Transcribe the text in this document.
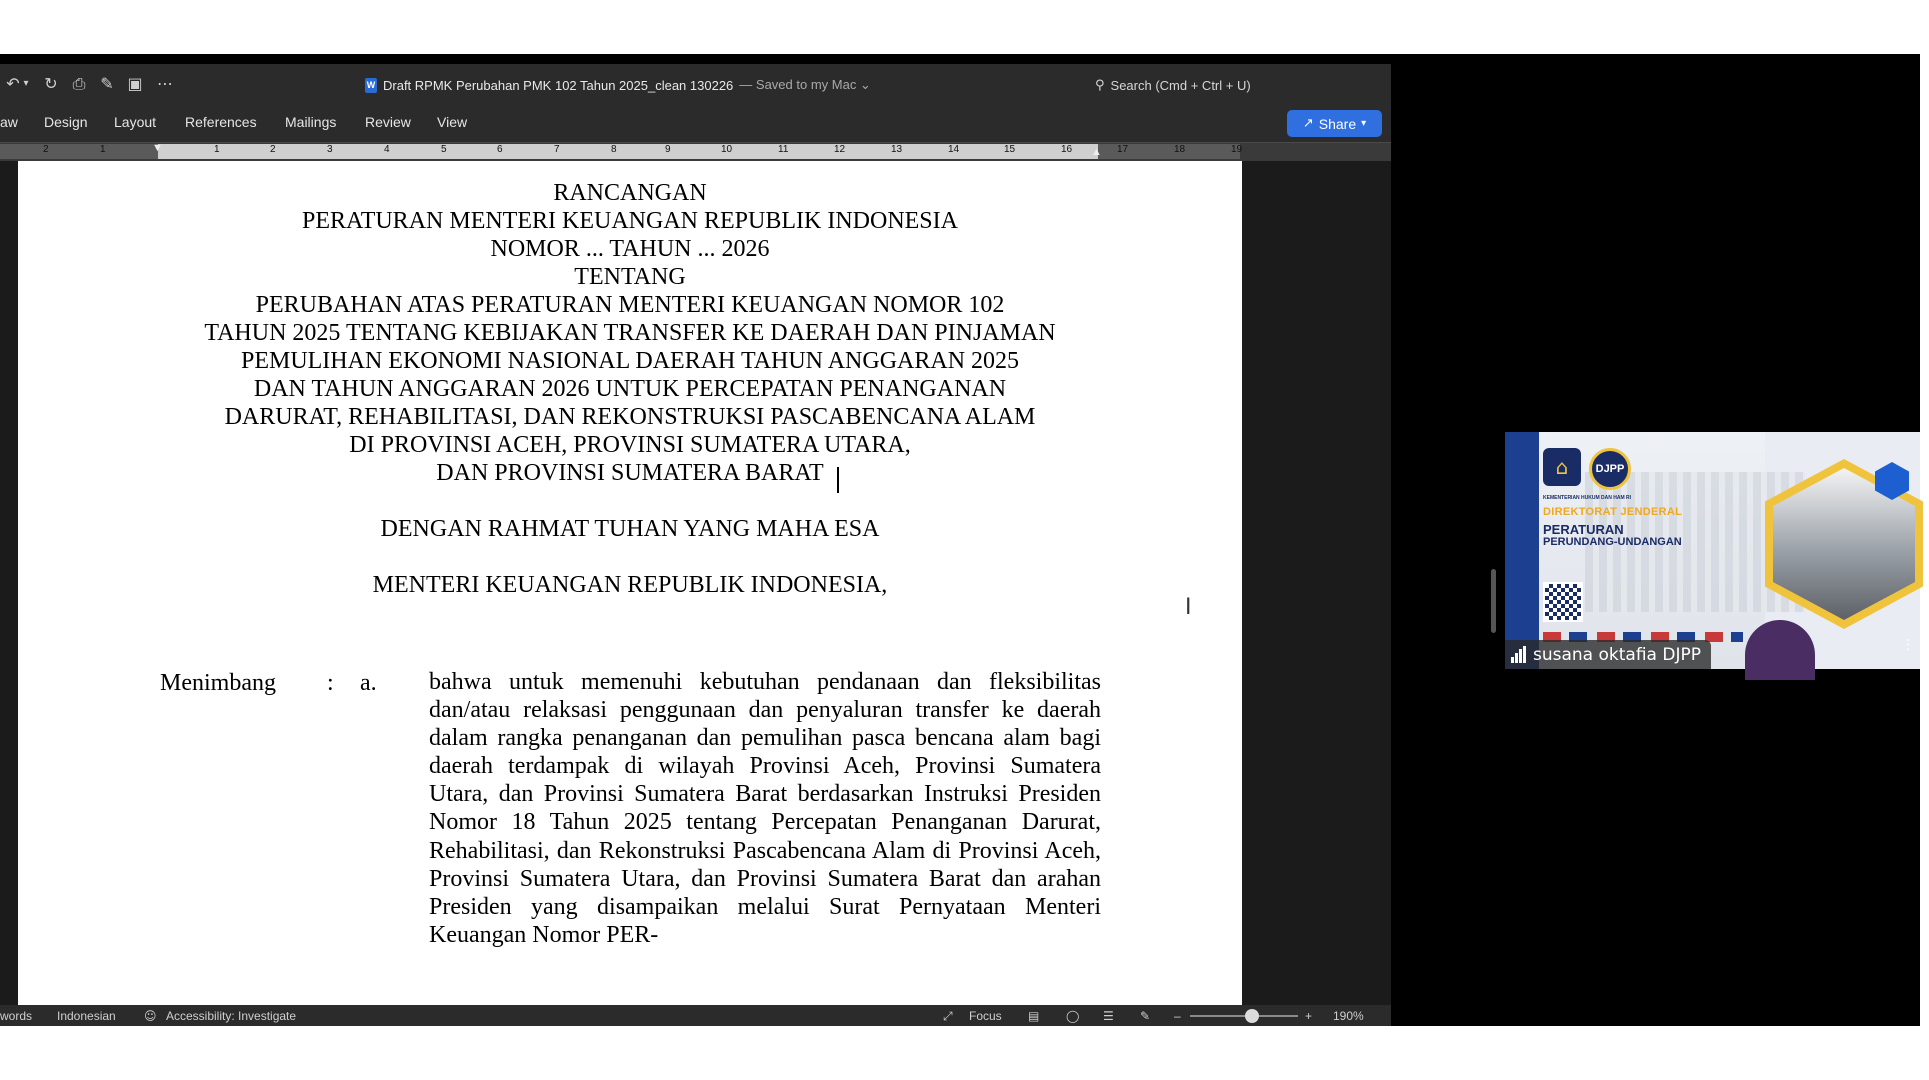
↶ ▾ ↻ ⎙ ✎ ▣ ⋯	W Draft RPMK Perubahan PMK 102 Tahun 2025_clean 130226 — Saved to my Mac ⌄	⚲ Search (Cmd + Ctrl + U)
aw Design Layout References Mailings Review View	↗ Share ▾
2	1	1	2	3	4	5	6	7	8	9	10	11	12	13	14	15	16	17	18	19
▼	▲
RANCANGAN
PERATURAN MENTERI KEUANGAN REPUBLIK INDONESIA
NOMOR ... TAHUN ... 2026
TENTANG
PERUBAHAN ATAS PERATURAN MENTERI KEUANGAN NOMOR 102
TAHUN 2025 TENTANG KEBIJAKAN TRANSFER KE DAERAH DAN PINJAMAN
PEMULIHAN EKONOMI NASIONAL DAERAH TAHUN ANGGARAN 2025
DAN TAHUN ANGGARAN 2026 UNTUK PERCEPATAN PENANGANAN
DARURAT, REHABILITASI, DAN REKONSTRUKSI PASCABENCANA ALAM
DI PROVINSI ACEH, PROVINSI SUMATERA UTARA,
DAN PROVINSI SUMATERA BARAT
DENGAN RAHMAT TUHAN YANG MAHA ESA
MENTERI KEUANGAN REPUBLIK INDONESIA,
I
Menimbang : a. bahwa untuk memenuhi kebutuhan pendanaan dan fleksibilitas dan/atau relaksasi penggunaan dan penyaluran transfer ke daerah dalam rangka penanganan dan pemulihan pasca bencana alam bagi daerah terdampak di wilayah Provinsi Aceh, Provinsi Sumatera Utara, dan Provinsi Sumatera Barat berdasarkan Instruksi Presiden Nomor 18 Tahun 2025 tentang Percepatan Penanganan Darurat, Rehabilitasi, dan Rekonstruksi Pascabencana Alam di Provinsi Aceh, Provinsi Sumatera Utara, dan Provinsi Sumatera Barat dan arahan Presiden yang disampaikan melalui Surat Pernyataan Menteri Keuangan Nomor PER-
words Indonesian ☺ Accessibility: Investigate	⤢ Focus ▤ ◯ ☰ ✎ –	+ 190%
⌂	DJPP
KEMENTERIAN HUKUM DAN HAM RI
DIREKTORAT JENDERAL
PERATURAN
PERUNDANG-UNDANGAN
susana oktafia DJPP	⋮⋮
